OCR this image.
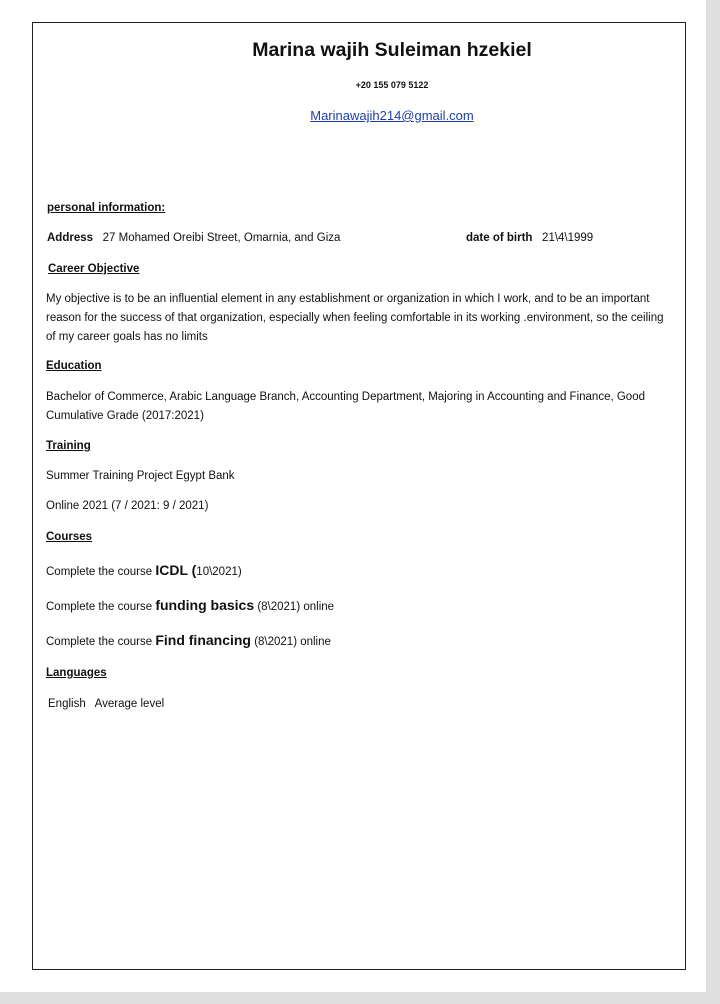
Marina wajih Suleiman hzekiel
+20 155 079 5122
Marinawajih214@gmail.com
personal information:
Address 27 Mohamed Oreibi Street, Omarnia, and Giza	date of birth 21\4\1999
Career Objective
My objective is to be an influential element in any establishment or organization in which I work, and to be an important reason for the success of that organization, especially when feeling comfortable in its working .environment, so the ceiling of my career goals has no limits
Education
Bachelor of Commerce, Arabic Language Branch, Accounting Department, Majoring in Accounting and Finance, Good Cumulative Grade (2017:2021)
Training
Summer Training Project Egypt Bank
Online 2021 (7 / 2021: 9 / 2021)
Courses
Complete the course ICDL (10\2021)
Complete the course funding basics (8\2021) online
Complete the course Find financing (8\2021) online
Languages
English Average level
